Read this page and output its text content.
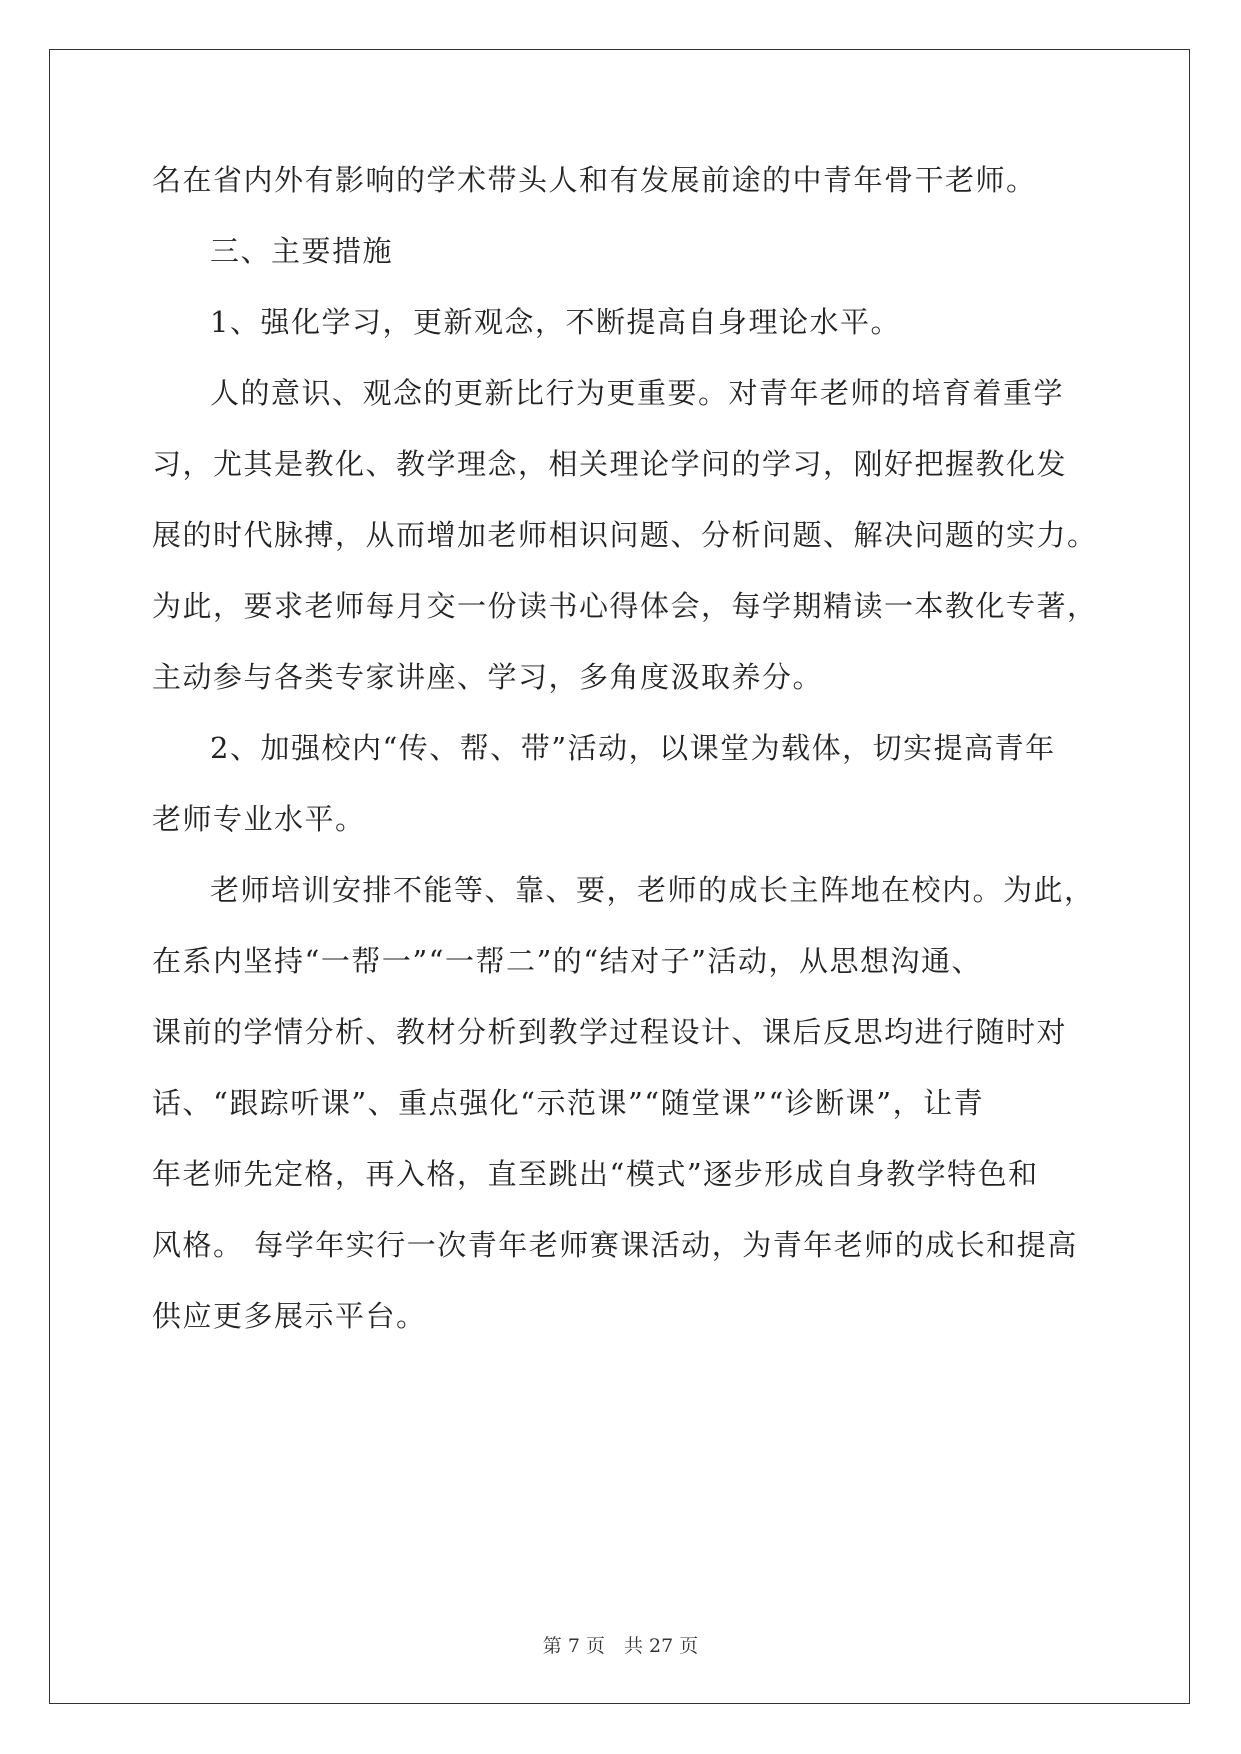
名在省内外有影响的学术带头人和有发展前途的中青年骨干老师。
三、主要措施
1、强化学习，更新观念，不断提高自身理论水平。
人的意识、观念的更新比行为更重要。对青年老师的培育着重学
习，尤其是教化、教学理念，相关理论学问的学习，刚好把握教化发
展的时代脉搏，从而增加老师相识问题、分析问题、解决问题的实力。
为此，要求老师每月交一份读书心得体会，每学期精读一本教化专著，
主动参与各类专家讲座、学习，多角度汲取养分。
2、加强校内“传、帮、带”活动，以课堂为载体，切实提高青年
老师专业水平。
老师培训安排不能等、靠、要，老师的成长主阵地在校内。为此，
在系内坚持“一帮一”“一帮二”的“结对子”活动，从思想沟通、
课前的学情分析、教材分析到教学过程设计、课后反思均进行随时对
话、“跟踪听课”、重点强化“示范课”“随堂课”“诊断课”，让青
年老师先定格，再入格，直至跳出“模式”逐步形成自身教学特色和
风格。 每学年实行一次青年老师赛课活动，为青年老师的成长和提高
供应更多展示平台。
第 7 页　共 27 页
